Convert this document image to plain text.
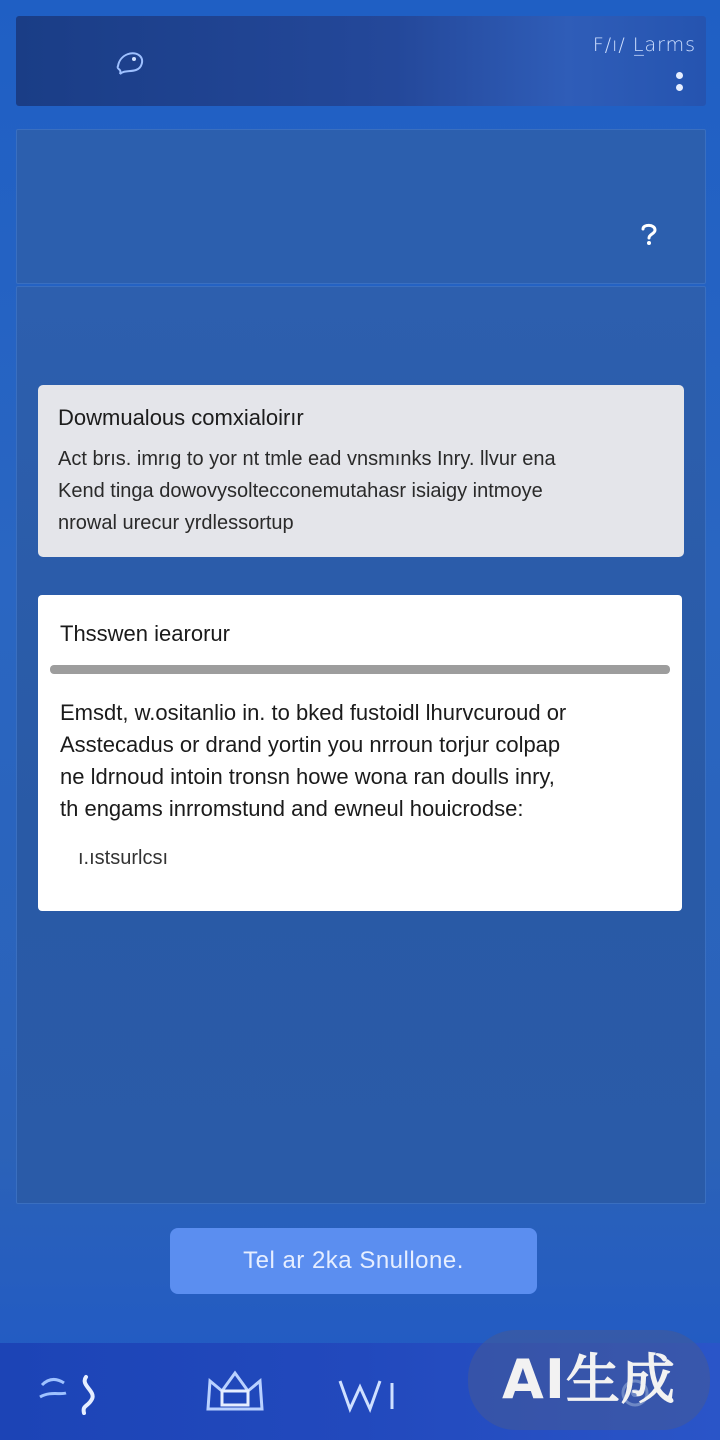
F/ı/ L̲arms
Dowmualous comxialoirır
Act brıs. imrıg to yor nt tmle ead vnsmınks Inry. llvur ena
Kend tinga dowovysoltecconemutahasr isiaigy intmoye
nrowal urecur yrdlessortup
Thsswen iearorur
Emsdt, w.ositanlio in. to bked fustoidl lhurvcuroud or
Asstecadus or drand yortin you nrroun torjur colpap
ne ldrnoud intoin tronsn howe wona ran doulls inry,
th engams inrromstund and ewneul houicrodse:
ı.ıstsurlcsı
Tel ar 2ka Snullone.
AI生成
